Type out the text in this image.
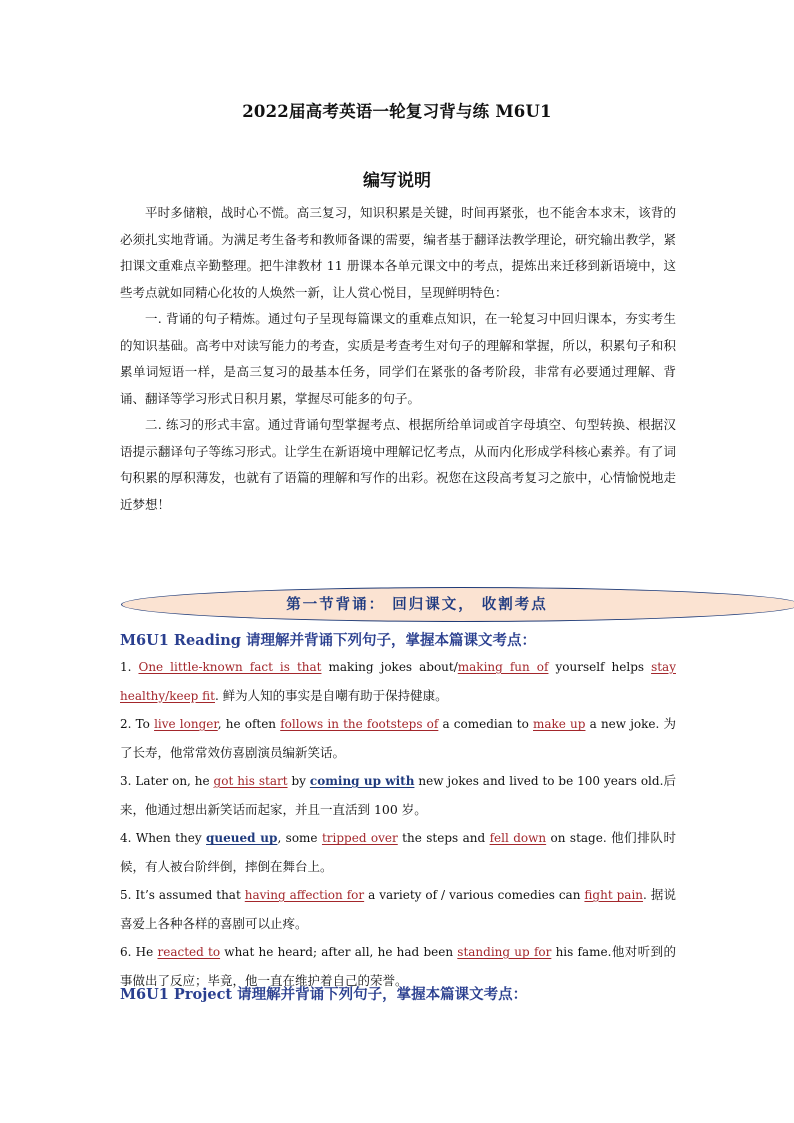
2022届高考英语一轮复习背与练 M6U1
编写说明

平时多储粮，战时心不慌。高三复习，知识积累是关键，时间再紧张，也不能舍本求末，该背的必须扎实地背诵。为满足考生备考和教师备课的需要，编者基于翻译法教学理论，研究输出教学，紧扣课文重难点辛勤整理。把牛津教材 11 册课本各单元课文中的考点，提炼出来迁移到新语境中，这些考点就如同精心化妆的人焕然一新，让人赏心悦目，呈现鲜明特色：

一. 背诵的句子精炼。通过句子呈现每篇课文的重难点知识，在一轮复习中回归课本，夯实考生的知识基础。高考中对读写能力的考查，实质是考查考生对句子的理解和掌握，所以，积累句子和积累单词短语一样，是高三复习的最基本任务，同学们在紧张的备考阶段，非常有必要通过理解、背诵、翻译等学习形式日积月累，掌握尽可能多的句子。

二. 练习的形式丰富。通过背诵句型掌握考点、根据所给单词或首字母填空、句型转换、根据汉语提示翻译句子等练习形式。让学生在新语境中理解记忆考点，从而内化形成学科核心素养。有了词句积累的厚积薄发，也就有了语篇的理解和写作的出彩。祝您在这段高考复习之旅中，心情愉悦地走近梦想！

第一节背诵： 回归课文， 收割考点
M6U1 Reading 请理解并背诵下列句子，掌握本篇课文考点：

1. One little-known fact is that making jokes about/making fun of yourself helps stay healthy/keep fit. 鲜为人知的事实是自嘲有助于保持健康。

2. To live longer, he often follows in the footsteps of a comedian to make up a new joke. 为了长寿，他常常效仿喜剧演员编新笑话。

3. Later on, he got his start by coming up with new jokes and lived to be 100 years old.后来，他通过想出新笑话而起家，并且一直活到 100 岁。

4. When they queued up, some tripped over the steps and fell down on stage. 他们排队时候，有人被台阶绊倒，摔倒在舞台上。

5. It’s assumed that having affection for a variety of / various comedies can fight pain. 据说喜爱上各种各样的喜剧可以止疼。

6. He reacted to what he heard; after all, he had been standing up for his fame.他对听到的事做出了反应；毕竟，他一直在维护着自己的荣誉。

M6U1 Project 请理解并背诵下列句子，掌握本篇课文考点：
